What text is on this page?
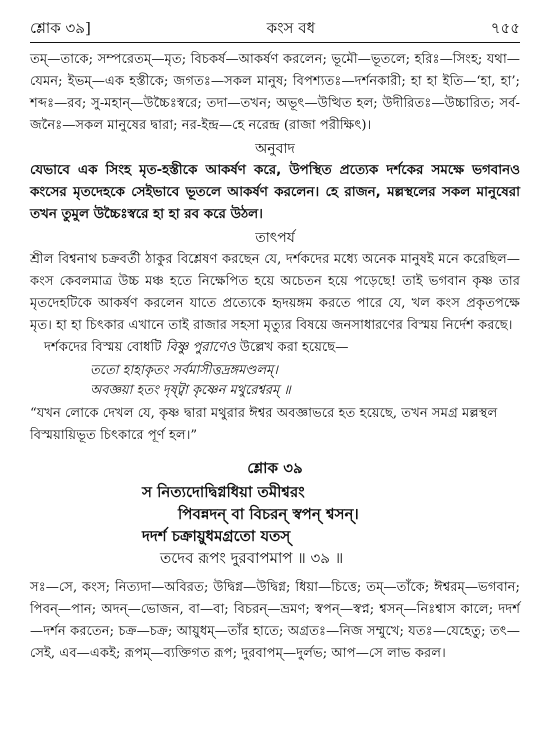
শ্লোক ৩৯]	কংস বধ	৭৫৫
তম্—তাকে; সম্পরেতম্—মৃত; বিচকর্ষ—আকর্ষণ করলেন; ভূমৌ—ভূতলে; হরিঃ—সিংহ; যথা—যেমন; ইভম্—এক হস্তীকে; জগতঃ—সকল মানুষ; বিপশ্যতঃ—দর্শনকারী; হা হা ইতি—‘হা, হা’; শব্দঃ—রব; সু-মহান্—উচ্চৈঃস্বরে; তদা—তখন; অভূৎ—উত্থিত হল; উদীরিতঃ—উচ্চারিত; সর্ব-জনৈঃ—সকল মানুষের দ্বারা; নর-ইন্দ্র—হে নরেন্দ্র (রাজা পরীক্ষিৎ)।
অনুবাদ
যেভাবে এক সিংহ মৃত-হস্তীকে আকর্ষণ করে, উপস্থিত প্রত্যেক দর্শকের সমক্ষে ভগবানও কংসের মৃতদেহকে সেইভাবে ভূতলে আকর্ষণ করলেন। হে রাজন, মল্লস্থলের সকল মানুষেরা তখন তুমুল উচ্চৈঃস্বরে হা হা রব করে উঠল।
তাৎপর্য

শ্রীল বিশ্বনাথ চক্রবর্তী ঠাকুর বিশ্লেষণ করছেন যে, দর্শকদের মধ্যে অনেক মানুষই মনে করেছিল—কংস কেবলমাত্র উচ্চ মঞ্চ হতে নিক্ষেপিত হয়ে অচেতন হয়ে পড়েছে! তাই ভগবান কৃষ্ণ তার মৃতদেহটিকে আকর্ষণ করলেন যাতে প্রত্যেকে হৃদয়ঙ্গম করতে পারে যে, খল কংস প্রকৃতপক্ষে মৃত। হা হা চিৎকার এখানে তাই রাজার সহসা মৃত্যুর বিষয়ে জনসাধারণের বিস্ময় নির্দেশ করছে।

দর্শকদের বিস্ময় বোধটি বিষ্ণু পুরাণেও উল্লেখ করা হয়েছে—

ততো হাহাকৃতং সর্বমাসীত্তদ্রঙ্গমণ্ডলম্।
অবজ্ঞয়া হতং দৃষ্ট্বা কৃষ্ণেন মথুরেশ্বরম্ ॥
“যখন লোকে দেখল যে, কৃষ্ণ দ্বারা মথুরার ঈশ্বর অবজ্ঞাভরে হত হয়েছে, তখন সমগ্র মল্লস্থল বিস্ময়ায়িভূত চিৎকারে পূর্ণ হল।”
শ্লোক ৩৯
স নিত্যদোদ্বিগ্নধিয়া তমীশ্বরং
পিবন্নদন্ বা বিচরন্ স্বপন্ শ্বসন্।
দদর্শ চক্রায়ুধমগ্রতো যতস্
তদেব রূপং দুরবাপমাপ ॥ ৩৯ ॥
সঃ—সে, কংস; নিত্যদা—অবিরত; উদ্বিগ্ন—উদ্বিগ্ন; ধিয়া—চিত্তে; তম্—তাঁকে; ঈশ্বরম্—ভগবান; পিবন্—পান; অদন্—ভোজন, বা—বা; বিচরন্—ভ্রমণ; স্বপন্—স্বপ্ন; শ্বসন্—নিঃশ্বাস কালে; দদর্শ—দর্শন করতেন; চক্র—চক্র; আয়ুধম্—তাঁর হাতে; অগ্রতঃ—নিজ সম্মুখে; যতঃ—যেহেতু; তৎ—সেই, এব—একই; রূপম্—ব্যক্তিগত রূপ; দুরবাপম্—দুর্লভ; আপ—সে লাভ করল।
